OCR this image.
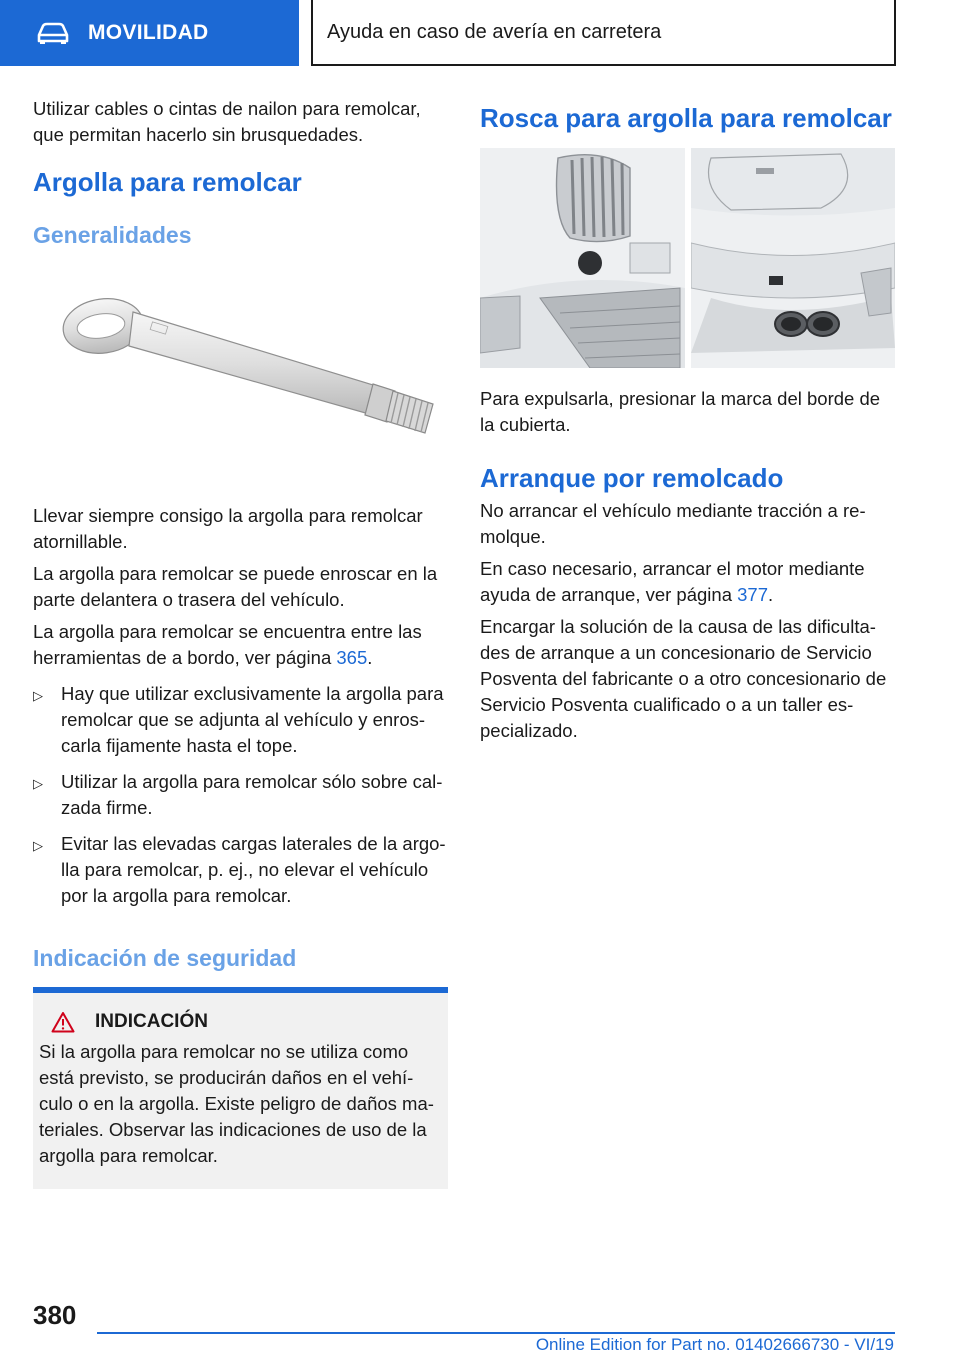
MOVILIDAD	Ayuda en caso de avería en carretera

Utilizar cables o cintas de nailon para remolcar, que permitan hacerlo sin brusquedades.

Argolla para remolcar
Generalidades

Llevar siempre consigo la argolla para remolcar atornillable.

La argolla para remolcar se puede enroscar en la parte delantera o trasera del vehículo.

La argolla para remolcar se encuentra entre las herramientas de a bordo, ver página 365.

▷ Hay que utilizar exclusivamente la argolla para remolcar que se adjunta al vehículo y enros-carla fijamente hasta el tope.
▷ Utilizar la argolla para remolcar sólo sobre cal-zada firme.
▷ Evitar las elevadas cargas laterales de la argo-lla para remolcar, p. ej., no elevar el vehículo por la argolla para remolcar.
Indicación de seguridad
INDICACIÓN

Si la argolla para remolcar no se utiliza como está previsto, se producirán daños en el vehí-culo o en la argolla. Existe peligro de daños ma-teriales. Observar las indicaciones de uso de la argolla para remolcar.

Rosca para argolla para remolcar

Para expulsarla, presionar la marca del borde de la cubierta.

Arranque por remolcado

No arrancar el vehículo mediante tracción a re-molque.

En caso necesario, arrancar el motor mediante ayuda de arranque, ver página 377.

Encargar la solución de la causa de las dificulta-des de arranque a un concesionario de Servicio Posventa del fabricante o a otro concesionario de Servicio Posventa cualificado o a un taller es-pecializado.

380
Online Edition for Part no. 01402666730 - VI/19
